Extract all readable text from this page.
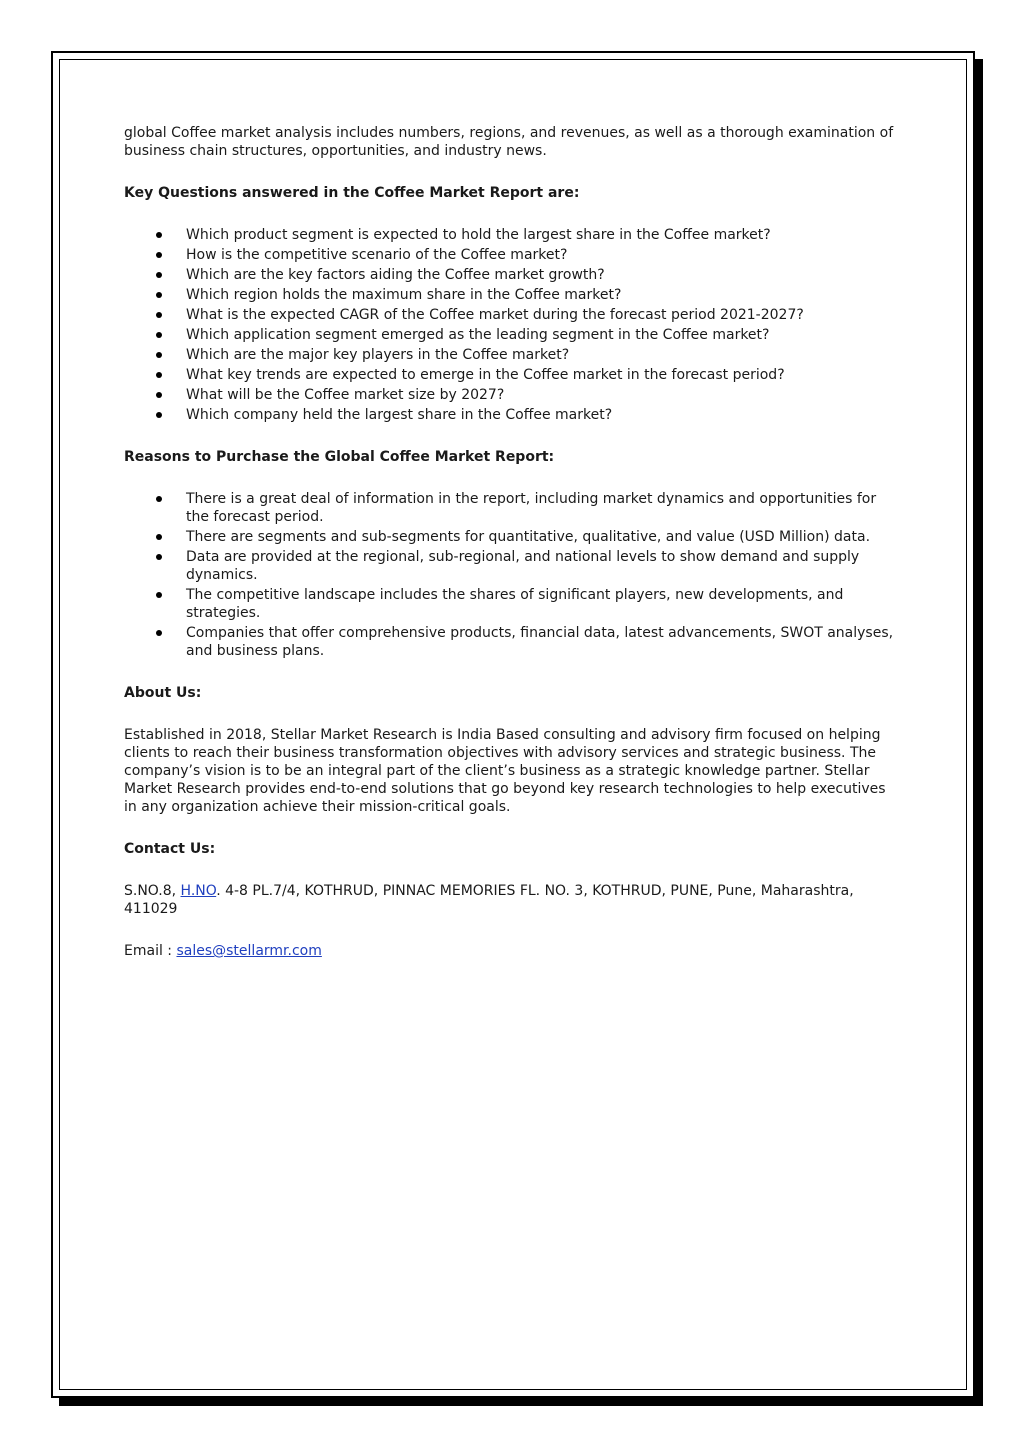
global Coffee market analysis includes numbers, regions, and revenues, as well as a thorough examination of business chain structures, opportunities, and industry news.

Key Questions answered in the Coffee Market Report are:

Which product segment is expected to hold the largest share in the Coffee market?
How is the competitive scenario of the Coffee market?
Which are the key factors aiding the Coffee market growth?
Which region holds the maximum share in the Coffee market?
What is the expected CAGR of the Coffee market during the forecast period 2021-2027?
Which application segment emerged as the leading segment in the Coffee market?
Which are the major key players in the Coffee market?
What key trends are expected to emerge in the Coffee market in the forecast period?
What will be the Coffee market size by 2027?
Which company held the largest share in the Coffee market?

Reasons to Purchase the Global Coffee Market Report:

There is a great deal of information in the report, including market dynamics and opportunities for the forecast period.
There are segments and sub-segments for quantitative, qualitative, and value (USD Million) data.
Data are provided at the regional, sub-regional, and national levels to show demand and supply dynamics.
The competitive landscape includes the shares of significant players, new developments, and strategies.
Companies that offer comprehensive products, financial data, latest advancements, SWOT analyses, and business plans.

About Us:

Established in 2018, Stellar Market Research is India Based consulting and advisory firm focused on helping clients to reach their business transformation objectives with advisory services and strategic business. The company’s vision is to be an integral part of the client’s business as a strategic knowledge partner. Stellar Market Research provides end-to-end solutions that go beyond key research technologies to help executives in any organization achieve their mission-critical goals.

Contact Us:

S.NO.8, H.NO. 4-8 PL.7/4, KOTHRUD, PINNAC MEMORIES FL. NO. 3, KOTHRUD, PUNE, Pune, Maharashtra, 411029

Email : sales@stellarmr.com
